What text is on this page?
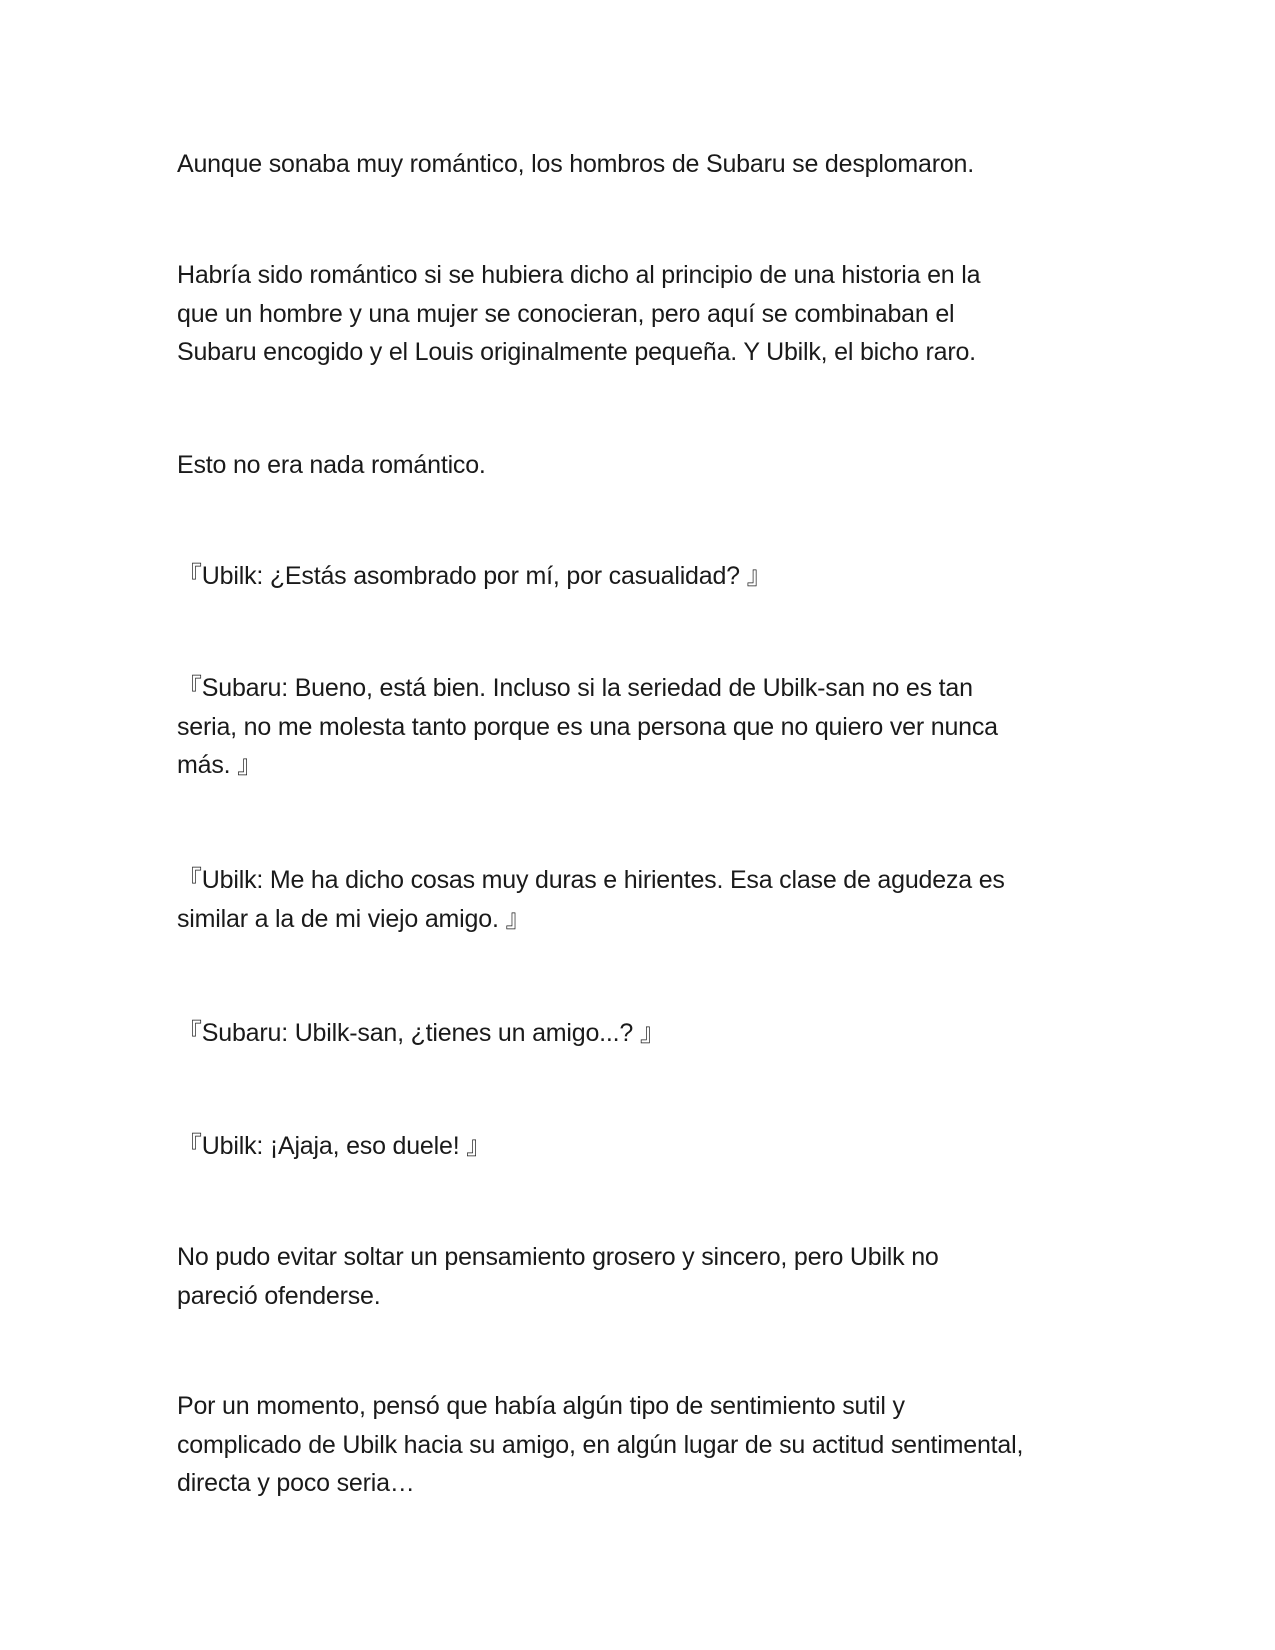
Aunque sonaba muy romántico, los hombros de Subaru se desplomaron.

Habría sido romántico si se hubiera dicho al principio de una historia en la
que un hombre y una mujer se conocieran, pero aquí se combinaban el
Subaru encogido y el Louis originalmente pequeña. Y Ubilk, el bicho raro.

Esto no era nada romántico.

『Ubilk: ¿Estás asombrado por mí, por casualidad? 』

『Subaru: Bueno, está bien. Incluso si la seriedad de Ubilk-san no es tan
seria, no me molesta tanto porque es una persona que no quiero ver nunca
más. 』

『Ubilk: Me ha dicho cosas muy duras e hirientes. Esa clase de agudeza es
similar a la de mi viejo amigo. 』

『Subaru: Ubilk-san, ¿tienes un amigo...? 』

『Ubilk: ¡Ajaja, eso duele! 』

No pudo evitar soltar un pensamiento grosero y sincero, pero Ubilk no
pareció ofenderse.

Por un momento, pensó que había algún tipo de sentimiento sutil y
complicado de Ubilk hacia su amigo, en algún lugar de su actitud sentimental,
directa y poco seria…
